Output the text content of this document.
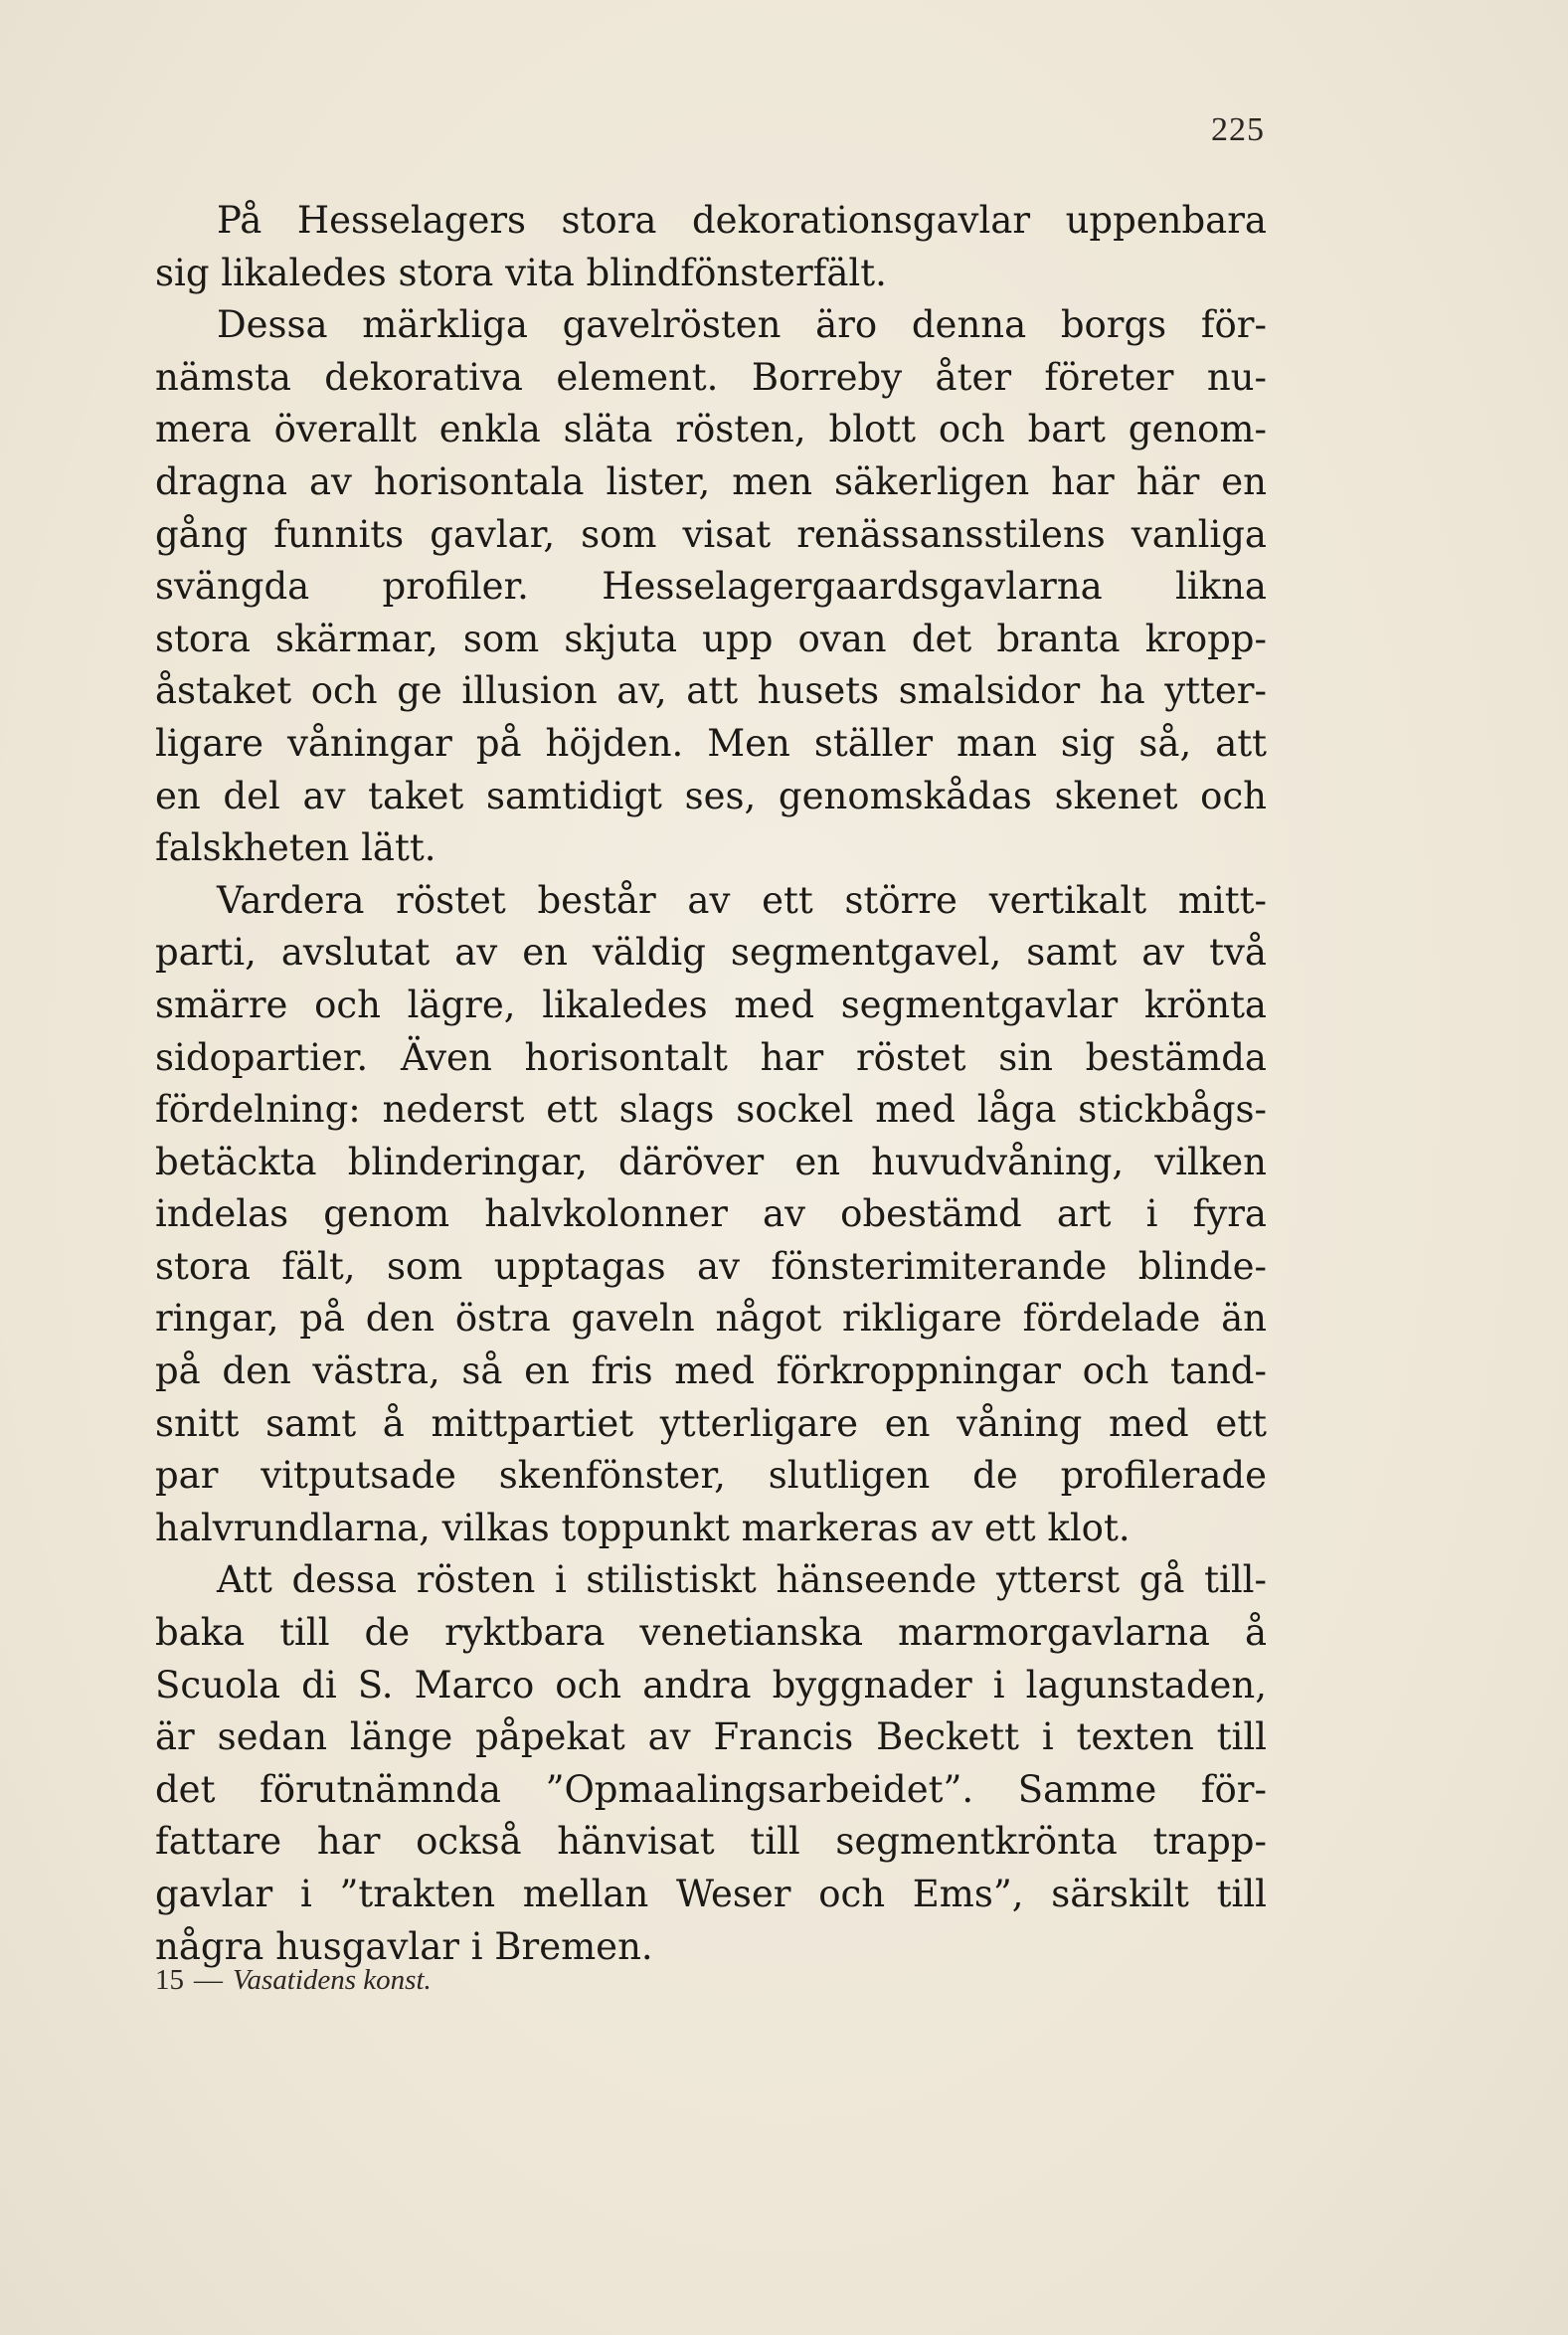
225

På Hesselagers stora dekorationsgavlar uppenbara

sig likaledes stora vita blindfönsterfält.

Dessa märkliga gavelrösten äro denna borgs för-

nämsta dekorativa element. Borreby åter företer nu-

mera överallt enkla släta rösten, blott och bart genom-

dragna av horisontala lister, men säkerligen har här en

gång funnits gavlar, som visat renässansstilens vanliga

svängda profiler. Hesselagergaardsgavlarna likna

stora skärmar, som skjuta upp ovan det branta kropp-

åstaket och ge illusion av, att husets smalsidor ha ytter-

ligare våningar på höjden. Men ställer man sig så, att

en del av taket samtidigt ses, genomskådas skenet och

falskheten lätt.

Vardera röstet består av ett större vertikalt mitt-

parti, avslutat av en väldig segmentgavel, samt av två

smärre och lägre, likaledes med segmentgavlar krönta

sidopartier. Även horisontalt har röstet sin bestämda

fördelning: nederst ett slags sockel med låga stickbågs-

betäckta blinderingar, däröver en huvudvåning, vilken

indelas genom halvkolonner av obestämd art i fyra

stora fält, som upptagas av fönsterimiterande blinde-

ringar, på den östra gaveln något rikligare fördelade än

på den västra, så en fris med förkroppningar och tand-

snitt samt å mittpartiet ytterligare en våning med ett

par vitputsade skenfönster, slutligen de profilerade

halvrundlarna, vilkas toppunkt markeras av ett klot.

Att dessa rösten i stilistiskt hänseende ytterst gå till-

baka till de ryktbara venetianska marmorgavlarna å

Scuola di S. Marco och andra byggnader i lagunstaden,

är sedan länge påpekat av Francis Beckett i texten till

det förutnämnda ”Opmaalingsarbeidet”. Samme för-

fattare har också hänvisat till segmentkrönta trapp-

gavlar i ”trakten mellan Weser och Ems”, särskilt till

några husgavlar i Bremen.

15 — Vasatidens konst.
